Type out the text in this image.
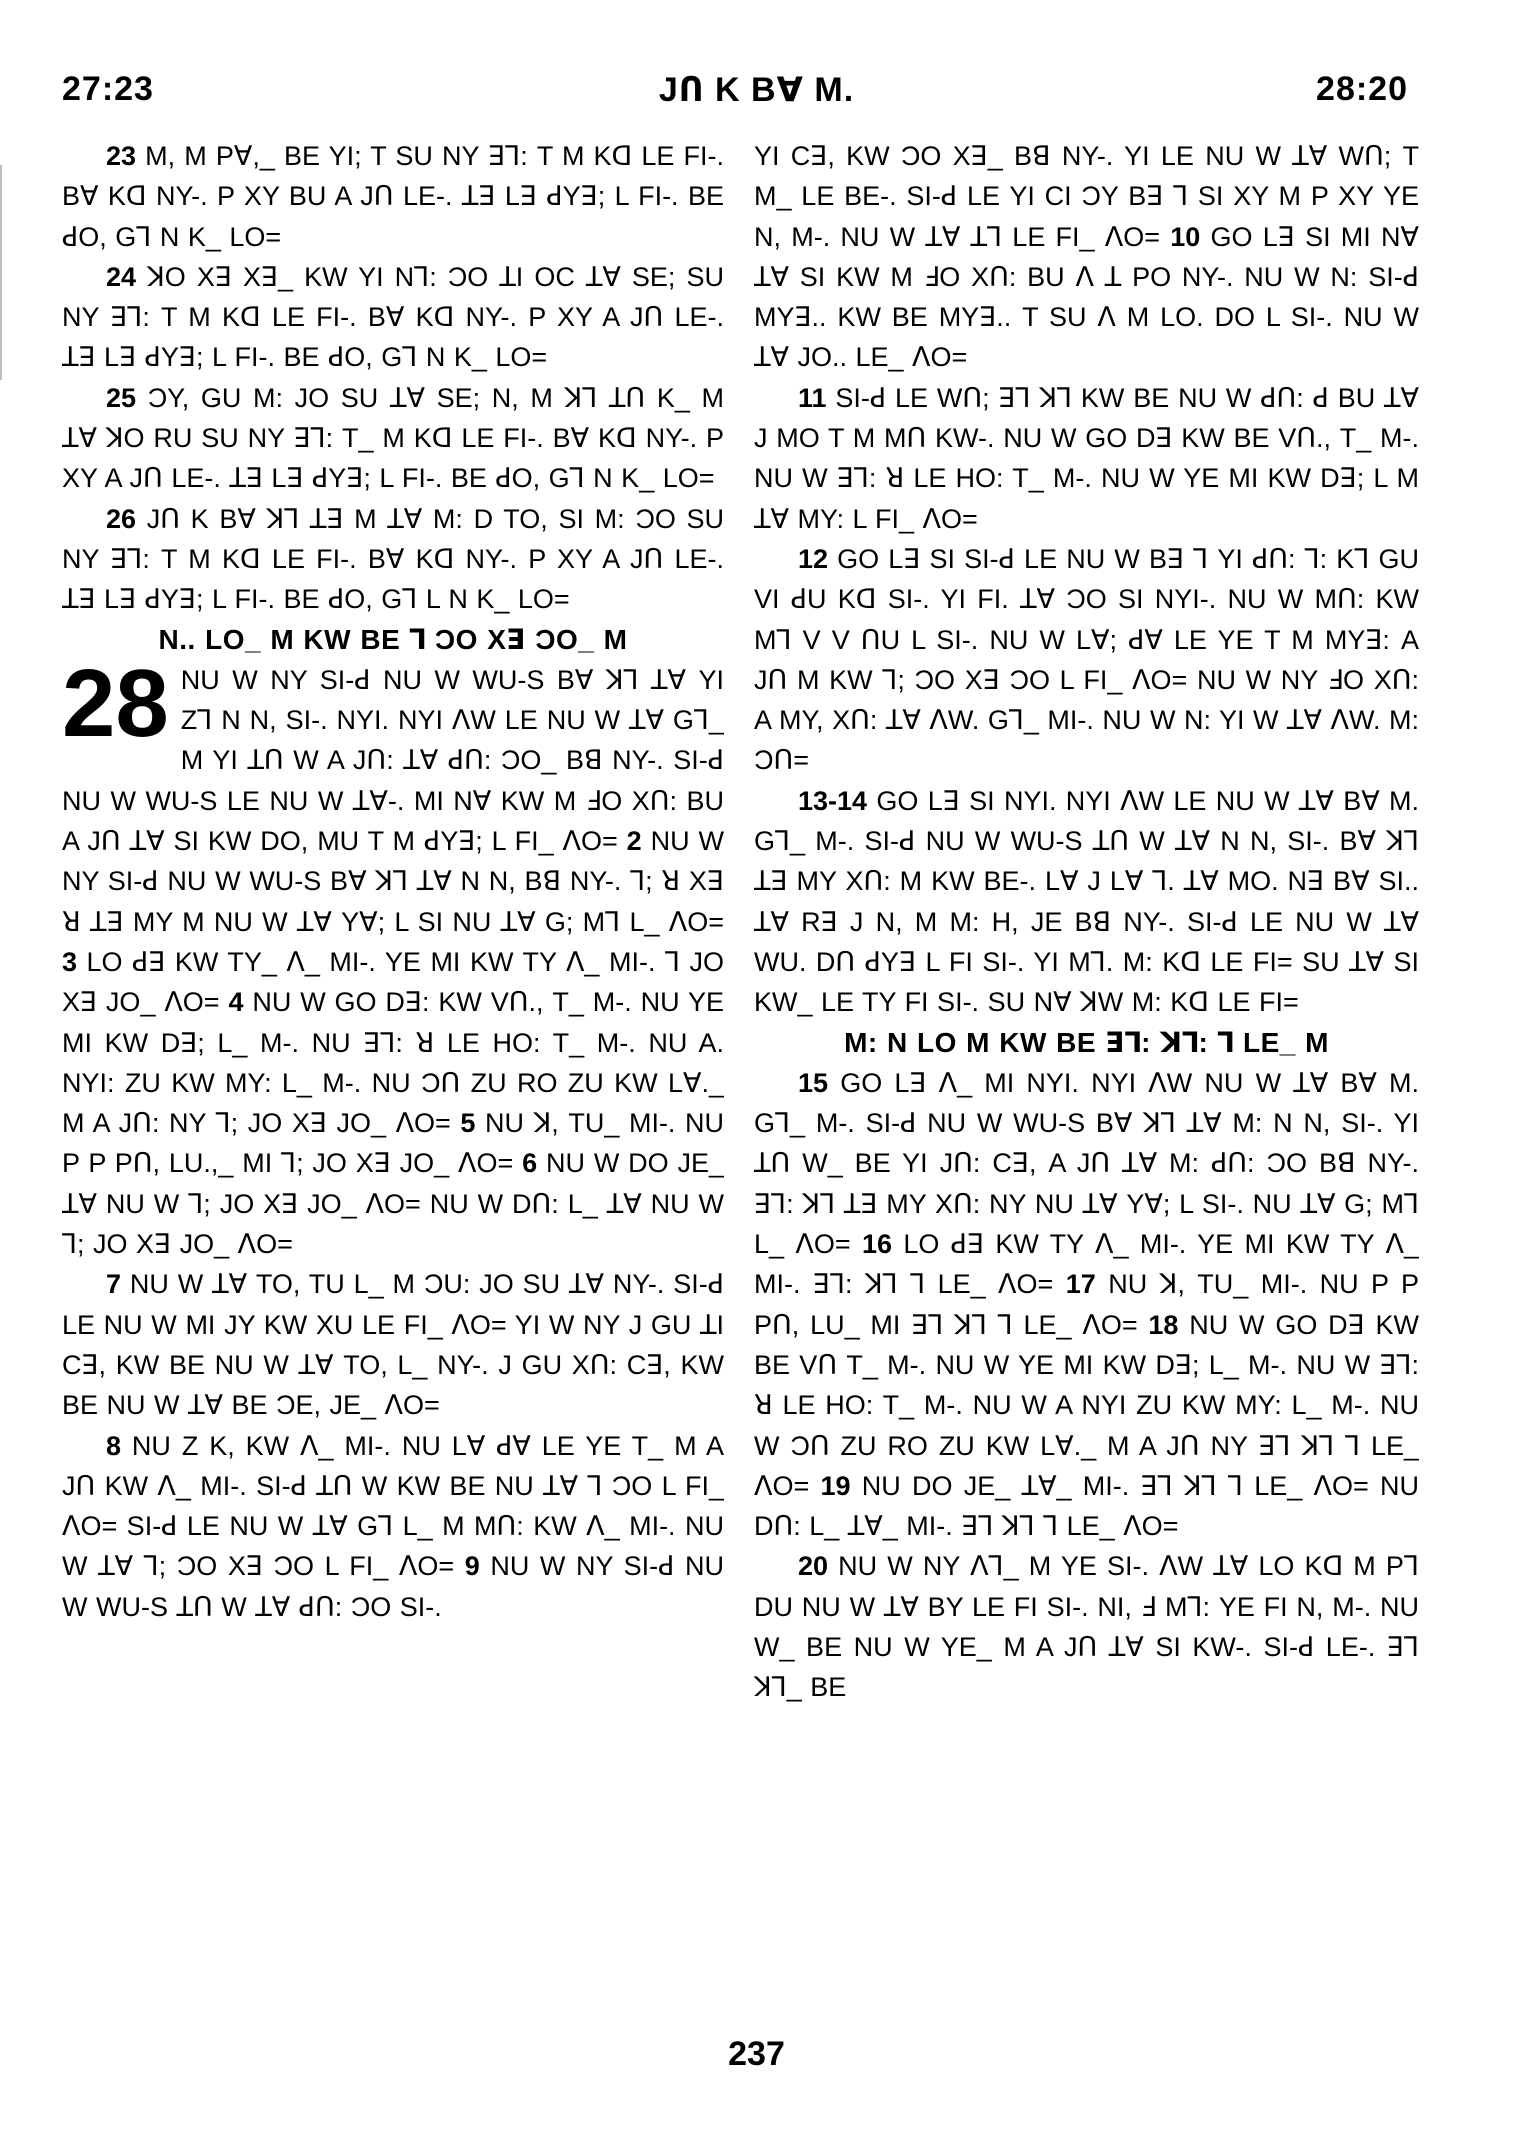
27:23	JՈ K Bꓯ M.	28:20

23 M, M Pꓯ,_ BE YI; T SU NY ꓱꓶ: T M Kꓷ LE FI-. Bꓯ Kꓷ NY-. P XY BU A JՈ LE-. ꓕꓱ Lꓱ ꓒYꓱ; L FI-. BE ꓒO, Gꓶ N K_ LO=

24 ꓘO Xꓱ Xꓱ_ KW YI Nꓶ: ƆO ꓕI OC ꓕꓯ SE; SU NY ꓱꓶ: T M Kꓷ LE FI-. Bꓯ Kꓷ NY-. P XY A JՈ LE-. ꓕꓱ Lꓱ ꓒYꓱ; L FI-. BE ꓒO, Gꓶ N K_ LO=

25 ƆY, GU M: JO SU ꓕꓯ SE; N, M ꓘꓶ ꓕՈ K_ M ꓕꓯ ꓘO RU SU NY ꓱꓶ: T_ M Kꓷ LE FI-. Bꓯ Kꓷ NY-. P XY A JՈ LE-. ꓕꓱ Lꓱ ꓒYꓱ; L FI-. BE ꓒO, Gꓶ N K_ LO=

26 JՈ K Bꓯ ꓘꓶ ꓕꓱ M ꓕꓯ M: D TO, SI M: ƆO SU NY ꓱꓶ: T M Kꓷ LE FI-. Bꓯ Kꓷ NY-. P XY A JՈ LE-. ꓕꓱ Lꓱ ꓒYꓱ; L FI-. BE ꓒO, Gꓶ L N K_ LO=

N.. LO_ M KW BE ꓶ ƆO Xꓱ ƆO_ M

28 NU W NY SI-ꓒ NU W WU-S Bꓯ ꓘꓶ ꓕꓯ YI Zꓶ N N, SI-. NYI. NYI ꓥW LE NU W ꓕꓯ Gꓶ_ M YI ꓕՈ W A JՈ: ꓕꓯ ꓒՈ: ƆO_ Bꓭ NY-. SI-ꓒ NU W WU-S LE NU W ꓕꓯ-. MI Nꓯ KW M ꓞO XՈ: BU A JՈ ꓕꓯ SI KW DO, MU T M ꓒYꓱ; L FI_ ꓥO= 2 NU W NY SI-ꓒ NU W WU-S Bꓯ ꓘꓶ ꓕꓯ N N, Bꓭ NY-. ꓶ; ꓤ Xꓱ ꓤ ꓕꓱ MY M NU W ꓕꓯ Yꓯ; L SI NU ꓕꓯ G; Mꓶ L_ ꓥO= 3 LO ꓒꓱ KW TY_ ꓥ_ MI-. YE MI KW TY ꓥ_ MI-. ꓶ JO Xꓱ JO_ ꓥO= 4 NU W GO Dꓱ: KW VՈ., T_ M-. NU YE MI KW Dꓱ; L_ M-. NU ꓱꓶ: ꓤ LE HO: T_ M-. NU A. NYI: ZU KW MY: L_ M-. NU ƆՈ ZU RO ZU KW Lꓯ._ M A JՈ: NY ꓶ; JO Xꓱ JO_ ꓥO= 5 NU ꓘ, TU_ MI-. NU P P PՈ, LU.,_ MI ꓶ; JO Xꓱ JO_ ꓥO= 6 NU W DO JE_ ꓕꓯ NU W ꓶ; JO Xꓱ JO_ ꓥO= NU W DՈ: L_ ꓕꓯ NU W ꓶ; JO Xꓱ JO_ ꓥO=

7 NU W ꓕꓯ TO, TU L_ M ƆU: JO SU ꓕꓯ NY-. SI-ꓒ LE NU W MI JY KW XU LE FI_ ꓥO= YI W NY J GU ꓕI Cꓱ, KW BE NU W ꓕꓯ TO, L_ NY-. J GU XՈ: Cꓱ, KW BE NU W ꓕꓯ BE ƆE, JE_ ꓥO=

8 NU Z K, KW ꓥ_ MI-. NU Lꓯ ꓒꓯ LE YE T_ M A JՈ KW ꓥ_ MI-. SI-ꓒ ꓕՈ W KW BE NU ꓕꓯ ꓶ ƆO L FI_ ꓥO= SI-ꓒ LE NU W ꓕꓯ Gꓶ L_ M MՈ: KW ꓥ_ MI-. NU W ꓕꓯ ꓶ; ƆO Xꓱ ƆO L FI_ ꓥO= 9 NU W NY SI-ꓒ NU W WU-S ꓕՈ W ꓕꓯ ꓒՈ: ƆO SI-.

YI Cꓱ, KW ƆO Xꓱ_ Bꓭ NY-. YI LE NU W ꓕꓯ WՈ; T M_ LE BE-. SI-ꓒ LE YI CI ƆY Bꓱ ꓶ SI XY M P XY YE N, M-. NU W ꓕꓯ ꓕꓶ LE FI_ ꓥO= 10 GO Lꓱ SI MI Nꓯ ꓕꓯ SI KW M ꓞO XՈ: BU ꓥ ꓕ PO NY-. NU W N: SI-ꓒ MYꓱ.. KW BE MYꓱ.. T SU ꓥ M LO. DO L SI-. NU W ꓕꓯ JO.. LE_ ꓥO=

11 SI-ꓒ LE WՈ; ꓱꓶ ꓘꓶ KW BE NU W ꓒՈ: ꓒ BU ꓕꓯ J MO T M MՈ KW-. NU W GO Dꓱ KW BE VՈ., T_ M-. NU W ꓱꓶ: ꓤ LE HO: T_ M-. NU W YE MI KW Dꓱ; L M ꓕꓯ MY: L FI_ ꓥO=

12 GO Lꓱ SI SI-ꓒ LE NU W Bꓱ ꓶ YI ꓒՈ: ꓶ: Kꓶ GU VI ꓒU Kꓷ SI-. YI FI. ꓕꓯ ƆO SI NYI-. NU W MՈ: KW Mꓶ V V ꓵU L SI-. NU W Lꓯ; ꓒꓯ LE YE T M MYꓱ: A JՈ M KW ꓶ; ƆO Xꓱ ƆO L FI_ ꓥO= NU W NY ꓞO XՈ: A MY, XՈ: ꓕꓯ ꓥW. Gꓶ_ MI-. NU W N: YI W ꓕꓯ ꓥW. M: ƆՈ=

13-14 GO Lꓱ SI NYI. NYI ꓥW LE NU W ꓕꓯ Bꓯ M. Gꓶ_ M-. SI-ꓒ NU W WU-S ꓕՈ W ꓕꓯ N N, SI-. Bꓯ ꓘꓶ ꓕꓱ MY XՈ: M KW BE-. Lꓯ J Lꓯ ꓶ. ꓕꓯ MO. Nꓱ Bꓯ SI.. ꓕꓯ Rꓱ J N, M M: H, JE Bꓭ NY-. SI-ꓒ LE NU W ꓕꓯ WU. DՈ ꓒYꓱ L FI SI-. YI Mꓶ. M: Kꓷ LE FI= SU ꓕꓯ SI KW_ LE TY FI SI-. SU Nꓯ ꓘW M: Kꓷ LE FI=

M: N LO M KW BE ꓱꓶ: ꓘꓶ: ꓶ LE_ M

15 GO Lꓱ ꓥ_ MI NYI. NYI ꓥW NU W ꓕꓯ Bꓯ M. Gꓶ_ M-. SI-ꓒ NU W WU-S Bꓯ ꓘꓶ ꓕꓯ M: N N, SI-. YI ꓕՈ W_ BE YI JՈ: Cꓱ, A JՈ ꓕꓯ M: ꓒՈ: ƆO Bꓭ NY-. ꓱꓶ: ꓘꓶ ꓕꓱ MY XՈ: NY NU ꓕꓯ Yꓯ; L SI-. NU ꓕꓯ G; Mꓶ L_ ꓥO= 16 LO ꓒꓱ KW TY ꓥ_ MI-. YE MI KW TY ꓥ_ MI-. ꓱꓶ: ꓘꓶ ꓶ LE_ ꓥO= 17 NU ꓘ, TU_ MI-. NU P P PՈ, LU_ MI ꓱꓶ ꓘꓶ ꓶ LE_ ꓥO= 18 NU W GO Dꓱ KW BE VՈ T_ M-. NU W YE MI KW Dꓱ; L_ M-. NU W ꓱꓶ: ꓤ LE HO: T_ M-. NU W A NYI ZU KW MY: L_ M-. NU W ƆՈ ZU RO ZU KW Lꓯ._ M A JՈ NY ꓱꓶ ꓘꓶ ꓶ LE_ ꓥO= 19 NU DO JE_ ꓕꓯ_ MI-. ꓱꓶ ꓘꓶ ꓶ LE_ ꓥO= NU DՈ: L_ ꓕꓯ_ MI-. ꓱꓶ ꓘꓶ ꓶ LE_ ꓥO=

20 NU W NY ꓥꓶ_ M YE SI-. ꓥW ꓕꓯ LO Kꓷ M Pꓶ DU NU W ꓕꓯ BY LE FI SI-. NI, ꓞ Mꓶ: YE FI N, M-. NU W_ BE NU W YE_ M A JՈ ꓕꓯ SI KW-. SI-ꓒ LE-. ꓱꓶ ꓘꓶ_ BE

237
